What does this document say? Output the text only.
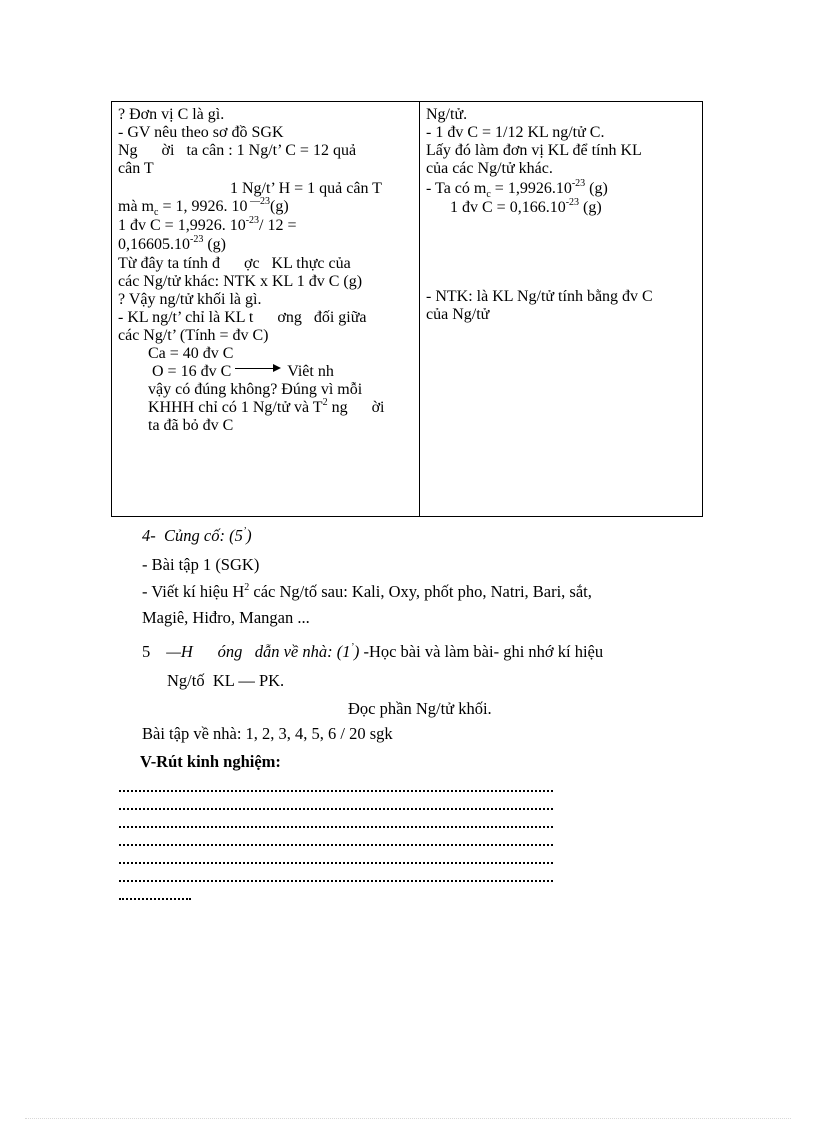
? Đơn vị C là gì.
- GV nêu theo sơ đồ SGK
Ng      ời   ta cân : 1 Ng/t’ C = 12 quả
cân T
1 Ng/t’ H = 1 quả cân T
mà $m_c = 1$, 9926. 10 $^{—23}$(g)
1 đv C = 1,9926. $10^{-23}/$ 12 =
$0,16605.10^{-23}$ (g)
Từ đây ta tính đ      ợc   KL thực của
các Ng/tử khác: NTK x KL 1 đv C (g)
? Vậy ng/tử khối là gì.
- KL ng/t’ chỉ là KL t      ơng   đối giữa
các Ng/t’ (Tính = đv C)
Ca = 40 đv C
O = 16 đv C	Viêt nh
vậy có đúng không? Đúng vì mỗi
KHHH chỉ có 1 Ng/tử và $T^2$ ng      ời
ta đã bỏ đv C
Ng/tử.
- 1 đv C = 1/12 KL ng/tử C.
Lấy đó làm đơn vị KL để tính KL
của các Ng/tử khác.
- Ta có $m_c = 1,9926.10^{-23}$ (g)
1 đv $C = 0,166.10^{-23}$ (g)
- NTK: là KL Ng/tử tính bằng đv C
của Ng/tử
4-  Củng cố: (5’)
- Bài tập 1 (SGK)
- Viết kí hiệu $H^2$ các Ng/tố sau: Kali, Oxy, phốt pho, Natri, Bari, sắt,
Magiê, Hiđro, Mangan ...
5 —H      óng   dẫn về nhà: (1’) -Học bài và làm bài- ghi nhớ kí hiệu
Ng/tố  KL — PK.
Đọc phần Ng/tử khối.
Bài tập về nhà: 1, 2, 3, 4, 5, 6 / 20 sgk
V-Rút kinh nghiệm:
